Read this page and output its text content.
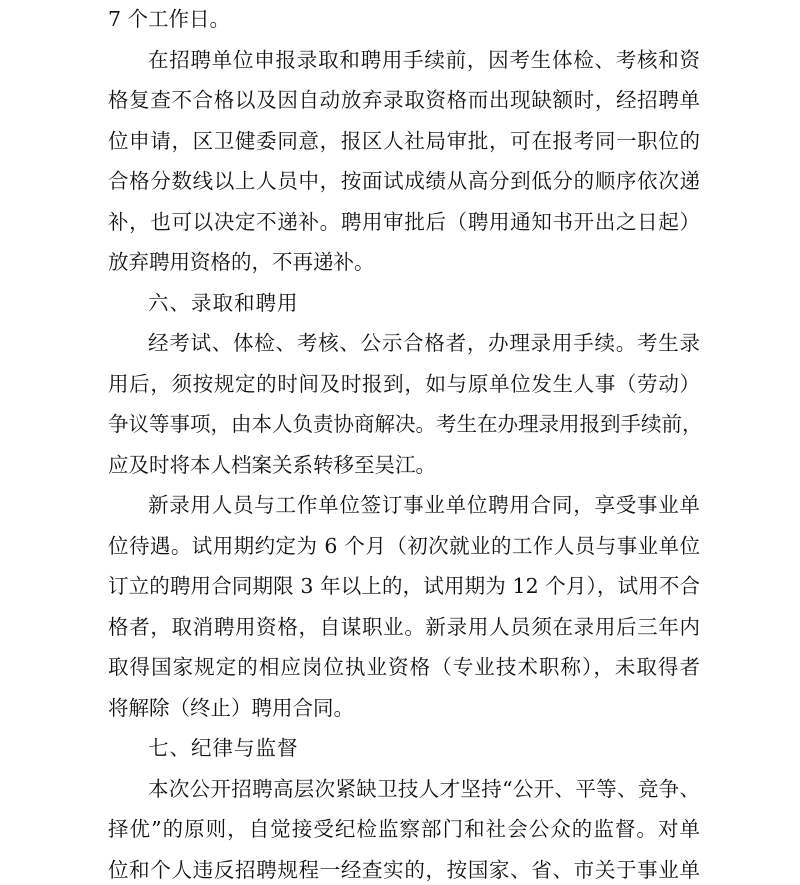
7 个工作日。
在招聘单位申报录取和聘用手续前，因考生体检、考核和资
格复查不合格以及因自动放弃录取资格而出现缺额时，经招聘单
位申请，区卫健委同意，报区人社局审批，可在报考同一职位的
合格分数线以上人员中，按面试成绩从高分到低分的顺序依次递
补，也可以决定不递补。聘用审批后（聘用通知书开出之日起）
放弃聘用资格的，不再递补。
六、录取和聘用
经考试、体检、考核、公示合格者，办理录用手续。考生录
用后，须按规定的时间及时报到，如与原单位发生人事（劳动）
争议等事项，由本人负责协商解决。考生在办理录用报到手续前，
应及时将本人档案关系转移至吴江。
新录用人员与工作单位签订事业单位聘用合同，享受事业单
位待遇。试用期约定为 6 个月（初次就业的工作人员与事业单位
订立的聘用合同期限 3 年以上的，试用期为 12 个月），试用不合
格者，取消聘用资格，自谋职业。新录用人员须在录用后三年内
取得国家规定的相应岗位执业资格（专业技术职称），未取得者
将解除（终止）聘用合同。
七、纪律与监督
本次公开招聘高层次紧缺卫技人才坚持“公开、平等、竞争、
择优”的原则，自觉接受纪检监察部门和社会公众的监督。对单
位和个人违反招聘规程一经查实的，按国家、省、市关于事业单
